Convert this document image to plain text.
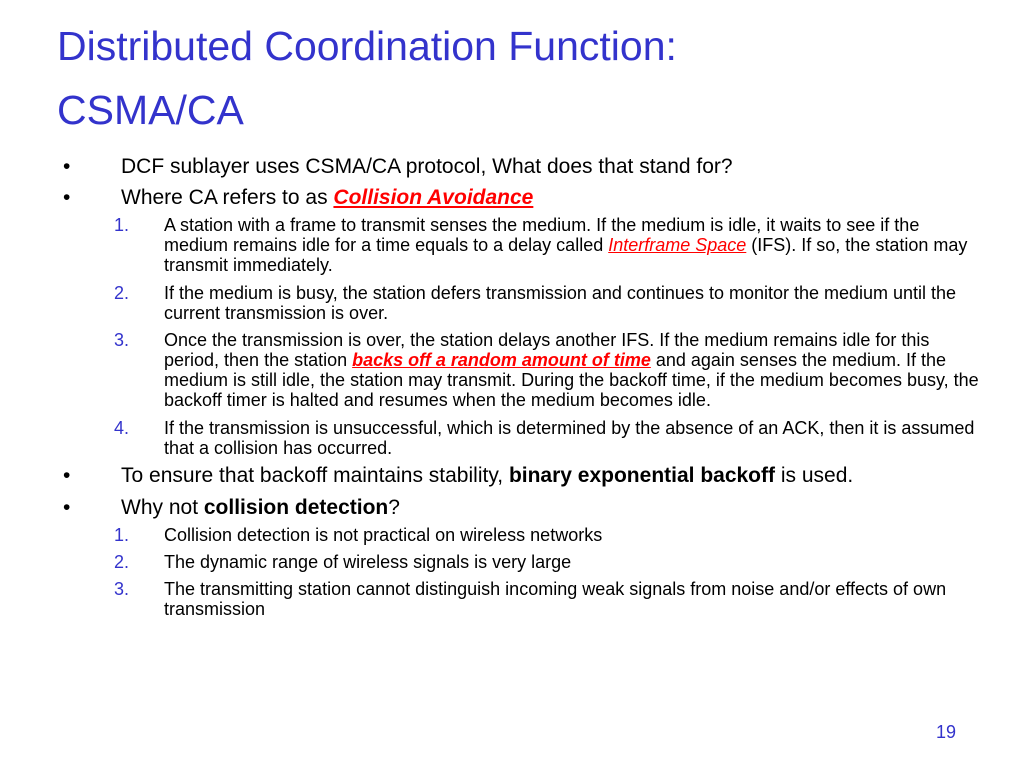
Distributed Coordination Function:
CSMA/CA
•	DCF sublayer uses CSMA/CA protocol, What does that stand for?
•	Where CA refers to as Collision Avoidance
1. A station with a frame to transmit senses the medium. If the medium is idle, it waits to see if the medium remains idle for a time equals to a delay called Interframe Space (IFS). If so, the station may transmit immediately.
2. If the medium is busy, the station defers transmission and continues to monitor the medium until the current transmission is over.
3. Once the transmission is over, the station delays another IFS. If the medium remains idle for this period, then the station backs off a random amount of time and again senses the medium. If the medium is still idle, the station may transmit. During the backoff time, if the medium becomes busy, the backoff timer is halted and resumes when the medium becomes idle.
4. If the transmission is unsuccessful, which is determined by the absence of an ACK, then it is assumed that a collision has occurred.
•	To ensure that backoff maintains stability, binary exponential backoff is used.
•	Why not collision detection?
1. Collision detection is not practical on wireless networks
2. The dynamic range of wireless signals is very large
3. The transmitting station cannot distinguish incoming weak signals from noise and/or effects of own transmission
19
